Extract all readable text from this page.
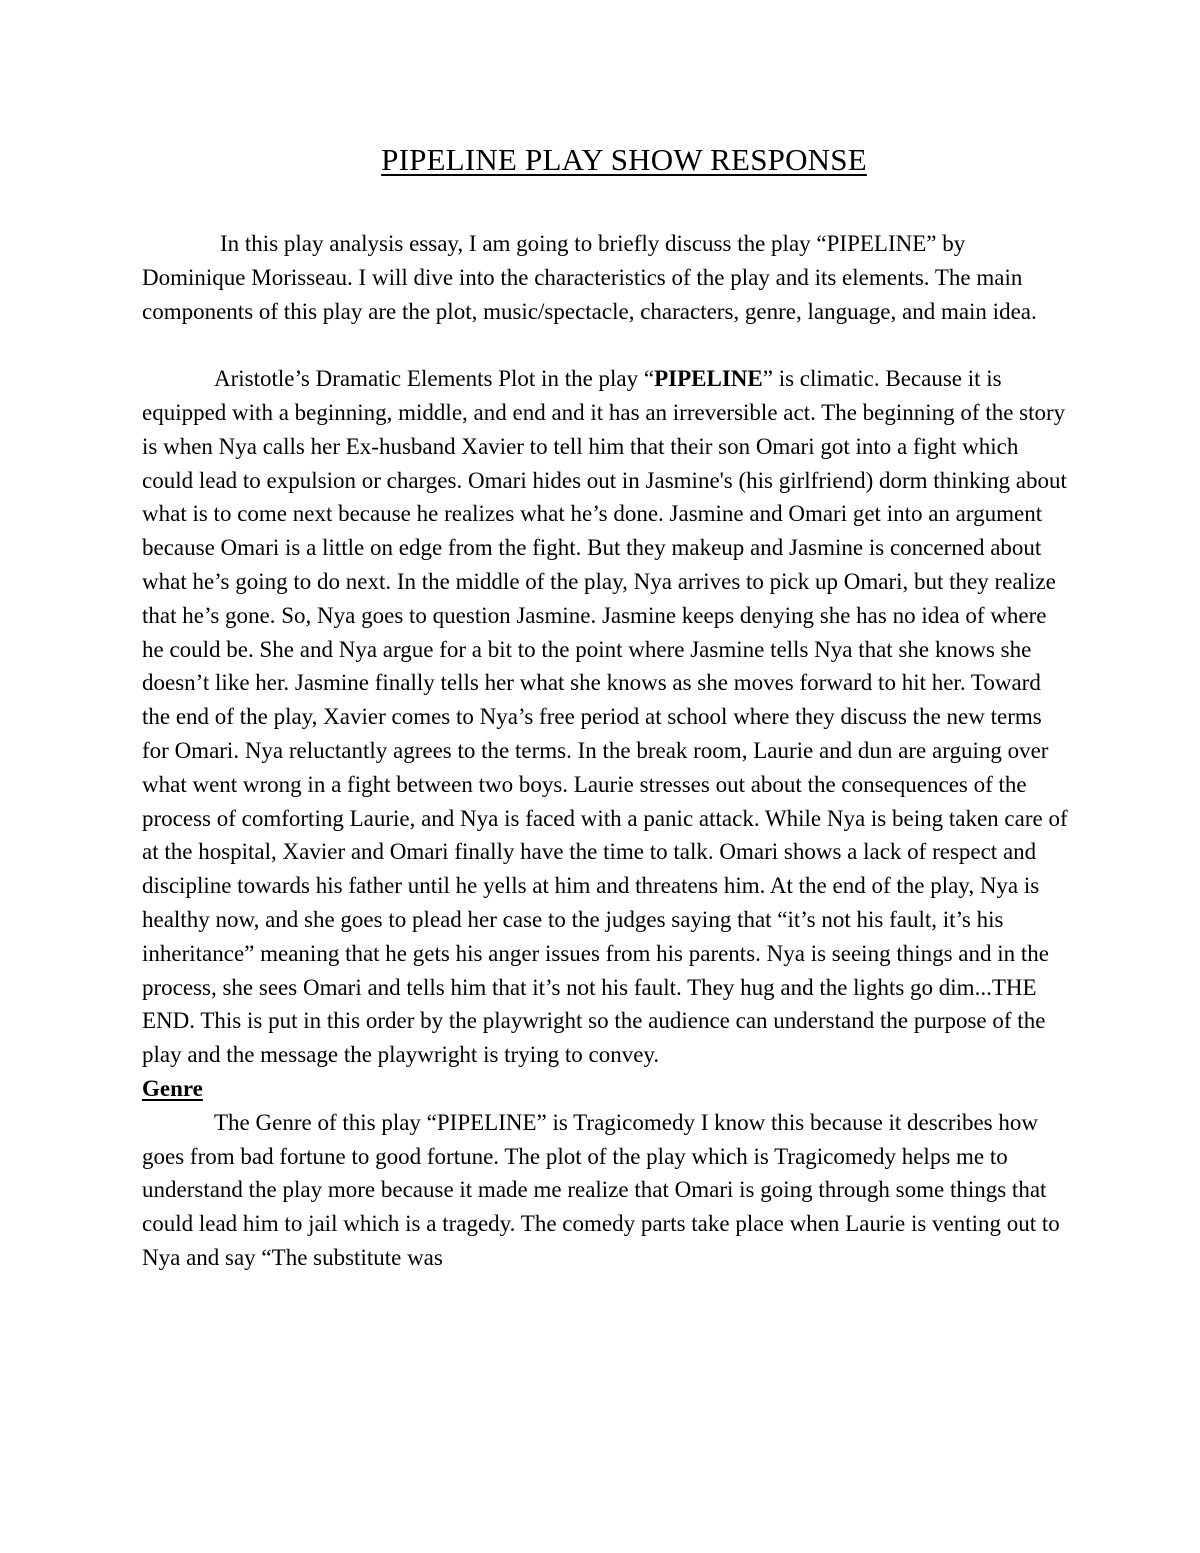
PIPELINE PLAY SHOW RESPONSE

In this play analysis essay, I am going to briefly discuss the play “PIPELINE” by Dominique Morisseau. I will dive into the characteristics of the play and its elements. The main components of this play are the plot, music/spectacle, characters, genre, language, and main idea.

Aristotle’s Dramatic Elements Plot in the play “PIPELINE” is climatic. Because it is equipped with a beginning, middle, and end and it has an irreversible act. The beginning of the story is when Nya calls her Ex-husband Xavier to tell him that their son Omari got into a fight which could lead to expulsion or charges. Omari hides out in Jasmine's (his girlfriend) dorm thinking about what is to come next because he realizes what he’s done. Jasmine and Omari get into an argument because Omari is a little on edge from the fight. But they makeup and Jasmine is concerned about what he’s going to do next. In the middle of the play, Nya arrives to pick up Omari, but they realize that he’s gone. So, Nya goes to question Jasmine. Jasmine keeps denying she has no idea of where he could be. She and Nya argue for a bit to the point where Jasmine tells Nya that she knows she doesn’t like her. Jasmine finally tells her what she knows as she moves forward to hit her. Toward the end of the play, Xavier comes to Nya’s free period at school where they discuss the new terms for Omari. Nya reluctantly agrees to the terms. In the break room, Laurie and dun are arguing over what went wrong in a fight between two boys. Laurie stresses out about the consequences of the process of comforting Laurie, and Nya is faced with a panic attack. While Nya is being taken care of at the hospital, Xavier and Omari finally have the time to talk. Omari shows a lack of respect and discipline towards his father until he yells at him and threatens him. At the end of the play, Nya is healthy now, and she goes to plead her case to the judges saying that “it’s not his fault, it’s his inheritance” meaning that he gets his anger issues from his parents. Nya is seeing things and in the process, she sees Omari and tells him that it’s not his fault. They hug and the lights go dim...THE END. This is put in this order by the playwright so the audience can understand the purpose of the play and the message the playwright is trying to convey.

Genre

The Genre of this play “PIPELINE” is Tragicomedy I know this because it describes how goes from bad fortune to good fortune. The plot of the play which is Tragicomedy helps me to understand the play more because it made me realize that Omari is going through some things that could lead him to jail which is a tragedy. The comedy parts take place when Laurie is venting out to Nya and say “The substitute was
